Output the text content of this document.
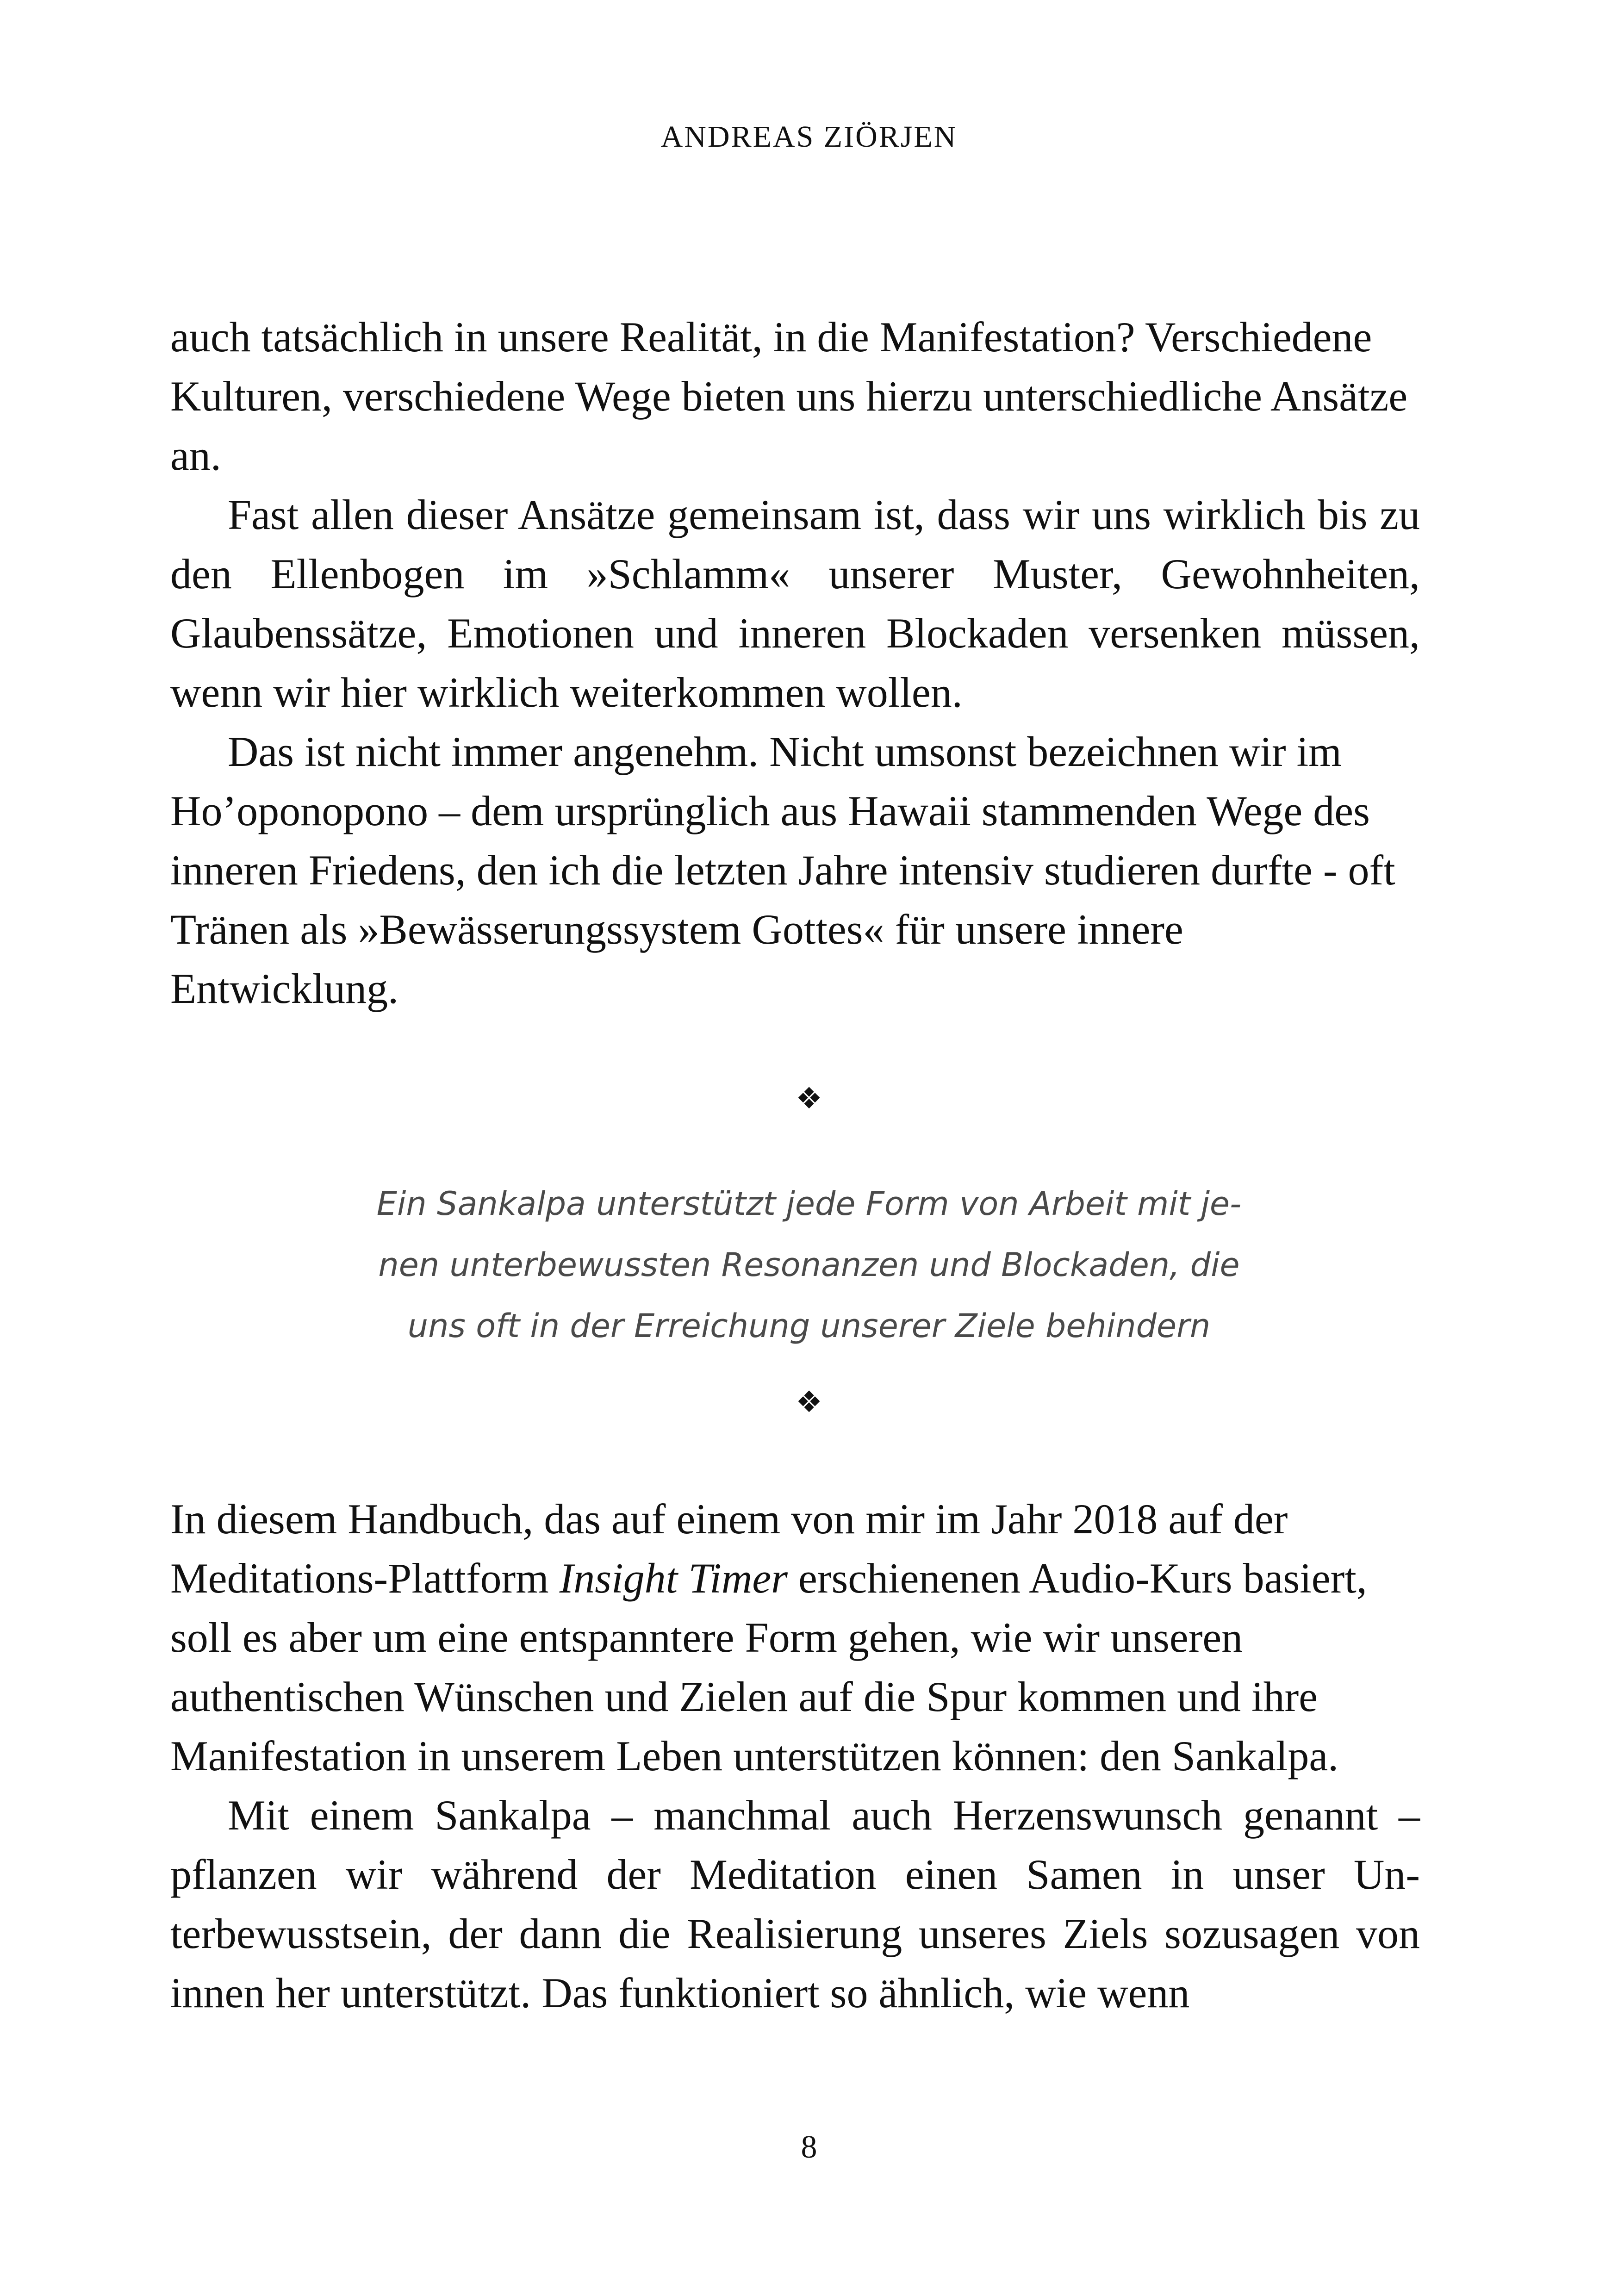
ANDREAS ZIÖRJEN

auch tatsächlich in unsere Realität, in die Manifestation? Verschiedene Kulturen, verschiedene Wege bieten uns hierzu unterschiedliche Ansätze an.

Fast allen dieser Ansätze gemeinsam ist, dass wir uns wirklich bis zu den Ellenbogen im »Schlamm« unserer Muster, Gewohnheiten, Glaubenssätze, Emotionen und inneren Blockaden versenken müssen, wenn wir hier wirklich weiterkommen wollen.

Das ist nicht immer angenehm. Nicht umsonst bezeichnen wir im Ho’oponopono – dem ursprünglich aus Hawaii stammenden Wege des inneren Friedens, den ich die letzten Jahre intensiv studieren durfte - oft Tränen als »Bewässerungssystem Gottes« für unsere innere Entwicklung.

❖
Ein Sankalpa unterstützt jede Form von Arbeit mit je-
nen unterbewussten Resonanzen und Blockaden, die
uns oft in der Erreichung unserer Ziele behindern
❖

In diesem Handbuch, das auf einem von mir im Jahr 2018 auf der Meditations-Plattform Insight Timer erschienenen Audio-Kurs basiert, soll es aber um eine entspanntere Form gehen, wie wir unseren authentischen Wünschen und Zielen auf die Spur kommen und ihre Manifestation in unserem Leben unterstützen können: den Sankalpa.

Mit einem Sankalpa – manchmal auch Herzenswunsch genannt – pflanzen wir während der Meditation einen Samen in unser Unterbewusstsein, der dann die Realisierung unseres Ziels sozusagen von innen her unterstützt. Das funktioniert so ähnlich, wie wenn

8
